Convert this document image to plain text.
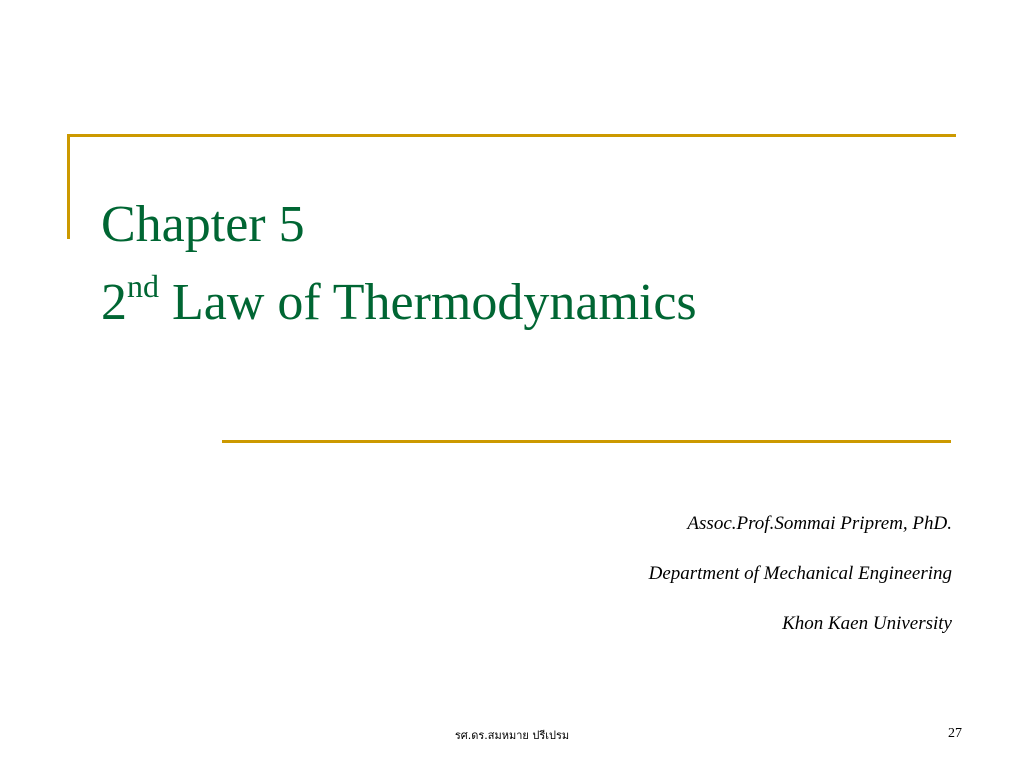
Chapter 5
2nd Law of Thermodynamics
Assoc.Prof.Sommai Priprem, PhD.
Department of Mechanical Engineering
Khon Kaen University
รศ.ดร.สมหมาย ปรีเปรม	27
